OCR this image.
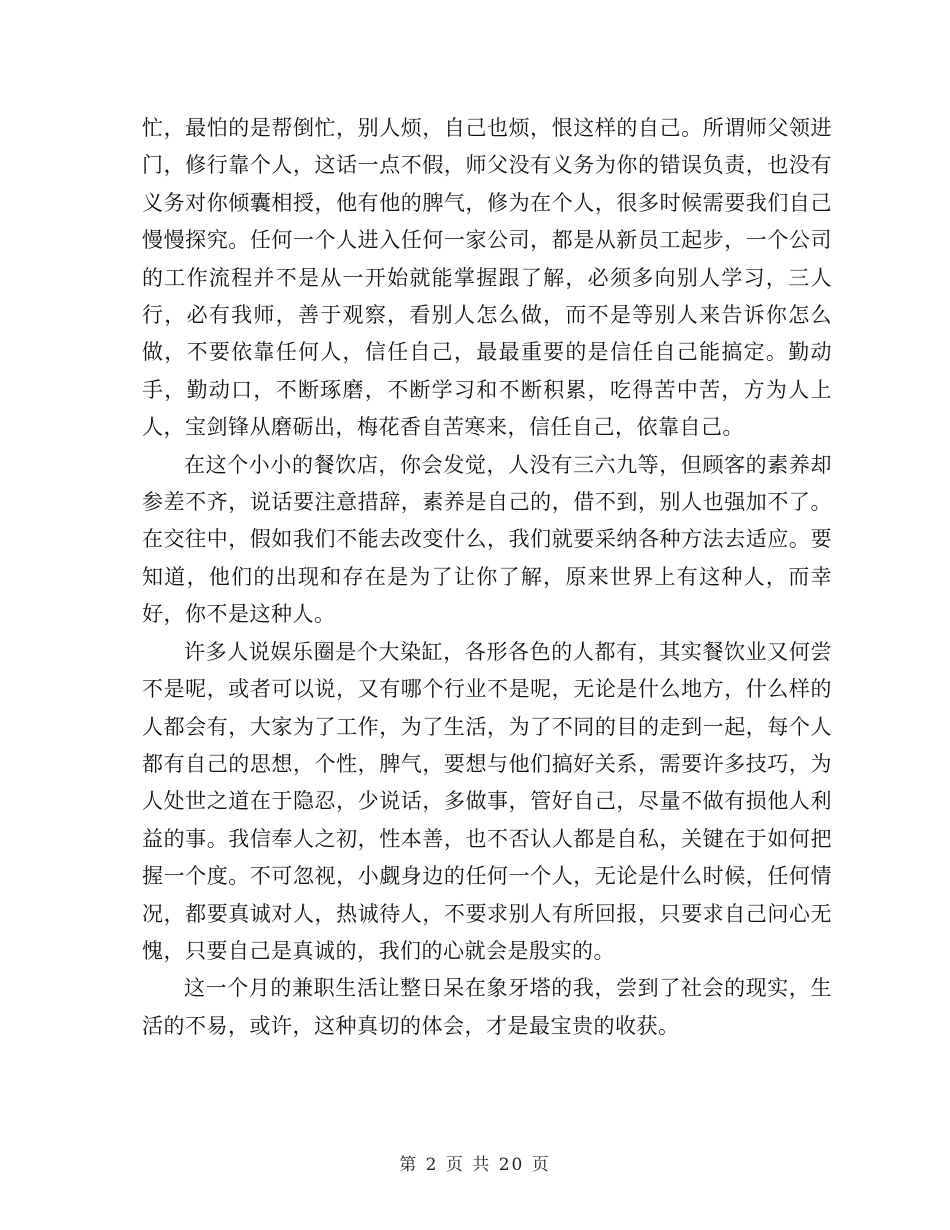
忙，最怕的是帮倒忙，别人烦，自己也烦，恨这样的自己。所谓师父领进门，修行靠个人，这话一点不假，师父没有义务为你的错误负责，也没有义务对你倾囊相授，他有他的脾气，修为在个人，很多时候需要我们自己慢慢探究。任何一个人进入任何一家公司，都是从新员工起步，一个公司的工作流程并不是从一开始就能掌握跟了解，必须多向别人学习，三人行，必有我师，善于观察，看别人怎么做，而不是等别人来告诉你怎么做，不要依靠任何人，信任自己，最最重要的是信任自己能搞定。勤动手，勤动口，不断琢磨，不断学习和不断积累，吃得苦中苦，方为人上人，宝剑锋从磨砺出，梅花香自苦寒来，信任自己，依靠自己。

在这个小小的餐饮店，你会发觉，人没有三六九等，但顾客的素养却参差不齐，说话要注意措辞，素养是自己的，借不到，别人也强加不了。在交往中，假如我们不能去改变什么，我们就要采纳各种方法去适应。要知道，他们的出现和存在是为了让你了解，原来世界上有这种人，而幸好，你不是这种人。

许多人说娱乐圈是个大染缸，各形各色的人都有，其实餐饮业又何尝不是呢，或者可以说，又有哪个行业不是呢，无论是什么地方，什么样的人都会有，大家为了工作，为了生活，为了不同的目的走到一起，每个人都有自己的思想，个性，脾气，要想与他们搞好关系，需要许多技巧，为人处世之道在于隐忍，少说话，多做事，管好自己，尽量不做有损他人利益的事。我信奉人之初，性本善，也不否认人都是自私，关键在于如何把握一个度。不可忽视，小觑身边的任何一个人，无论是什么时候，任何情况，都要真诚对人，热诚待人，不要求别人有所回报，只要求自己问心无愧，只要自己是真诚的，我们的心就会是殷实的。

这一个月的兼职生活让整日呆在象牙塔的我，尝到了社会的现实，生活的不易，或许，这种真切的体会，才是最宝贵的收获。

第 2 页 共 20 页
